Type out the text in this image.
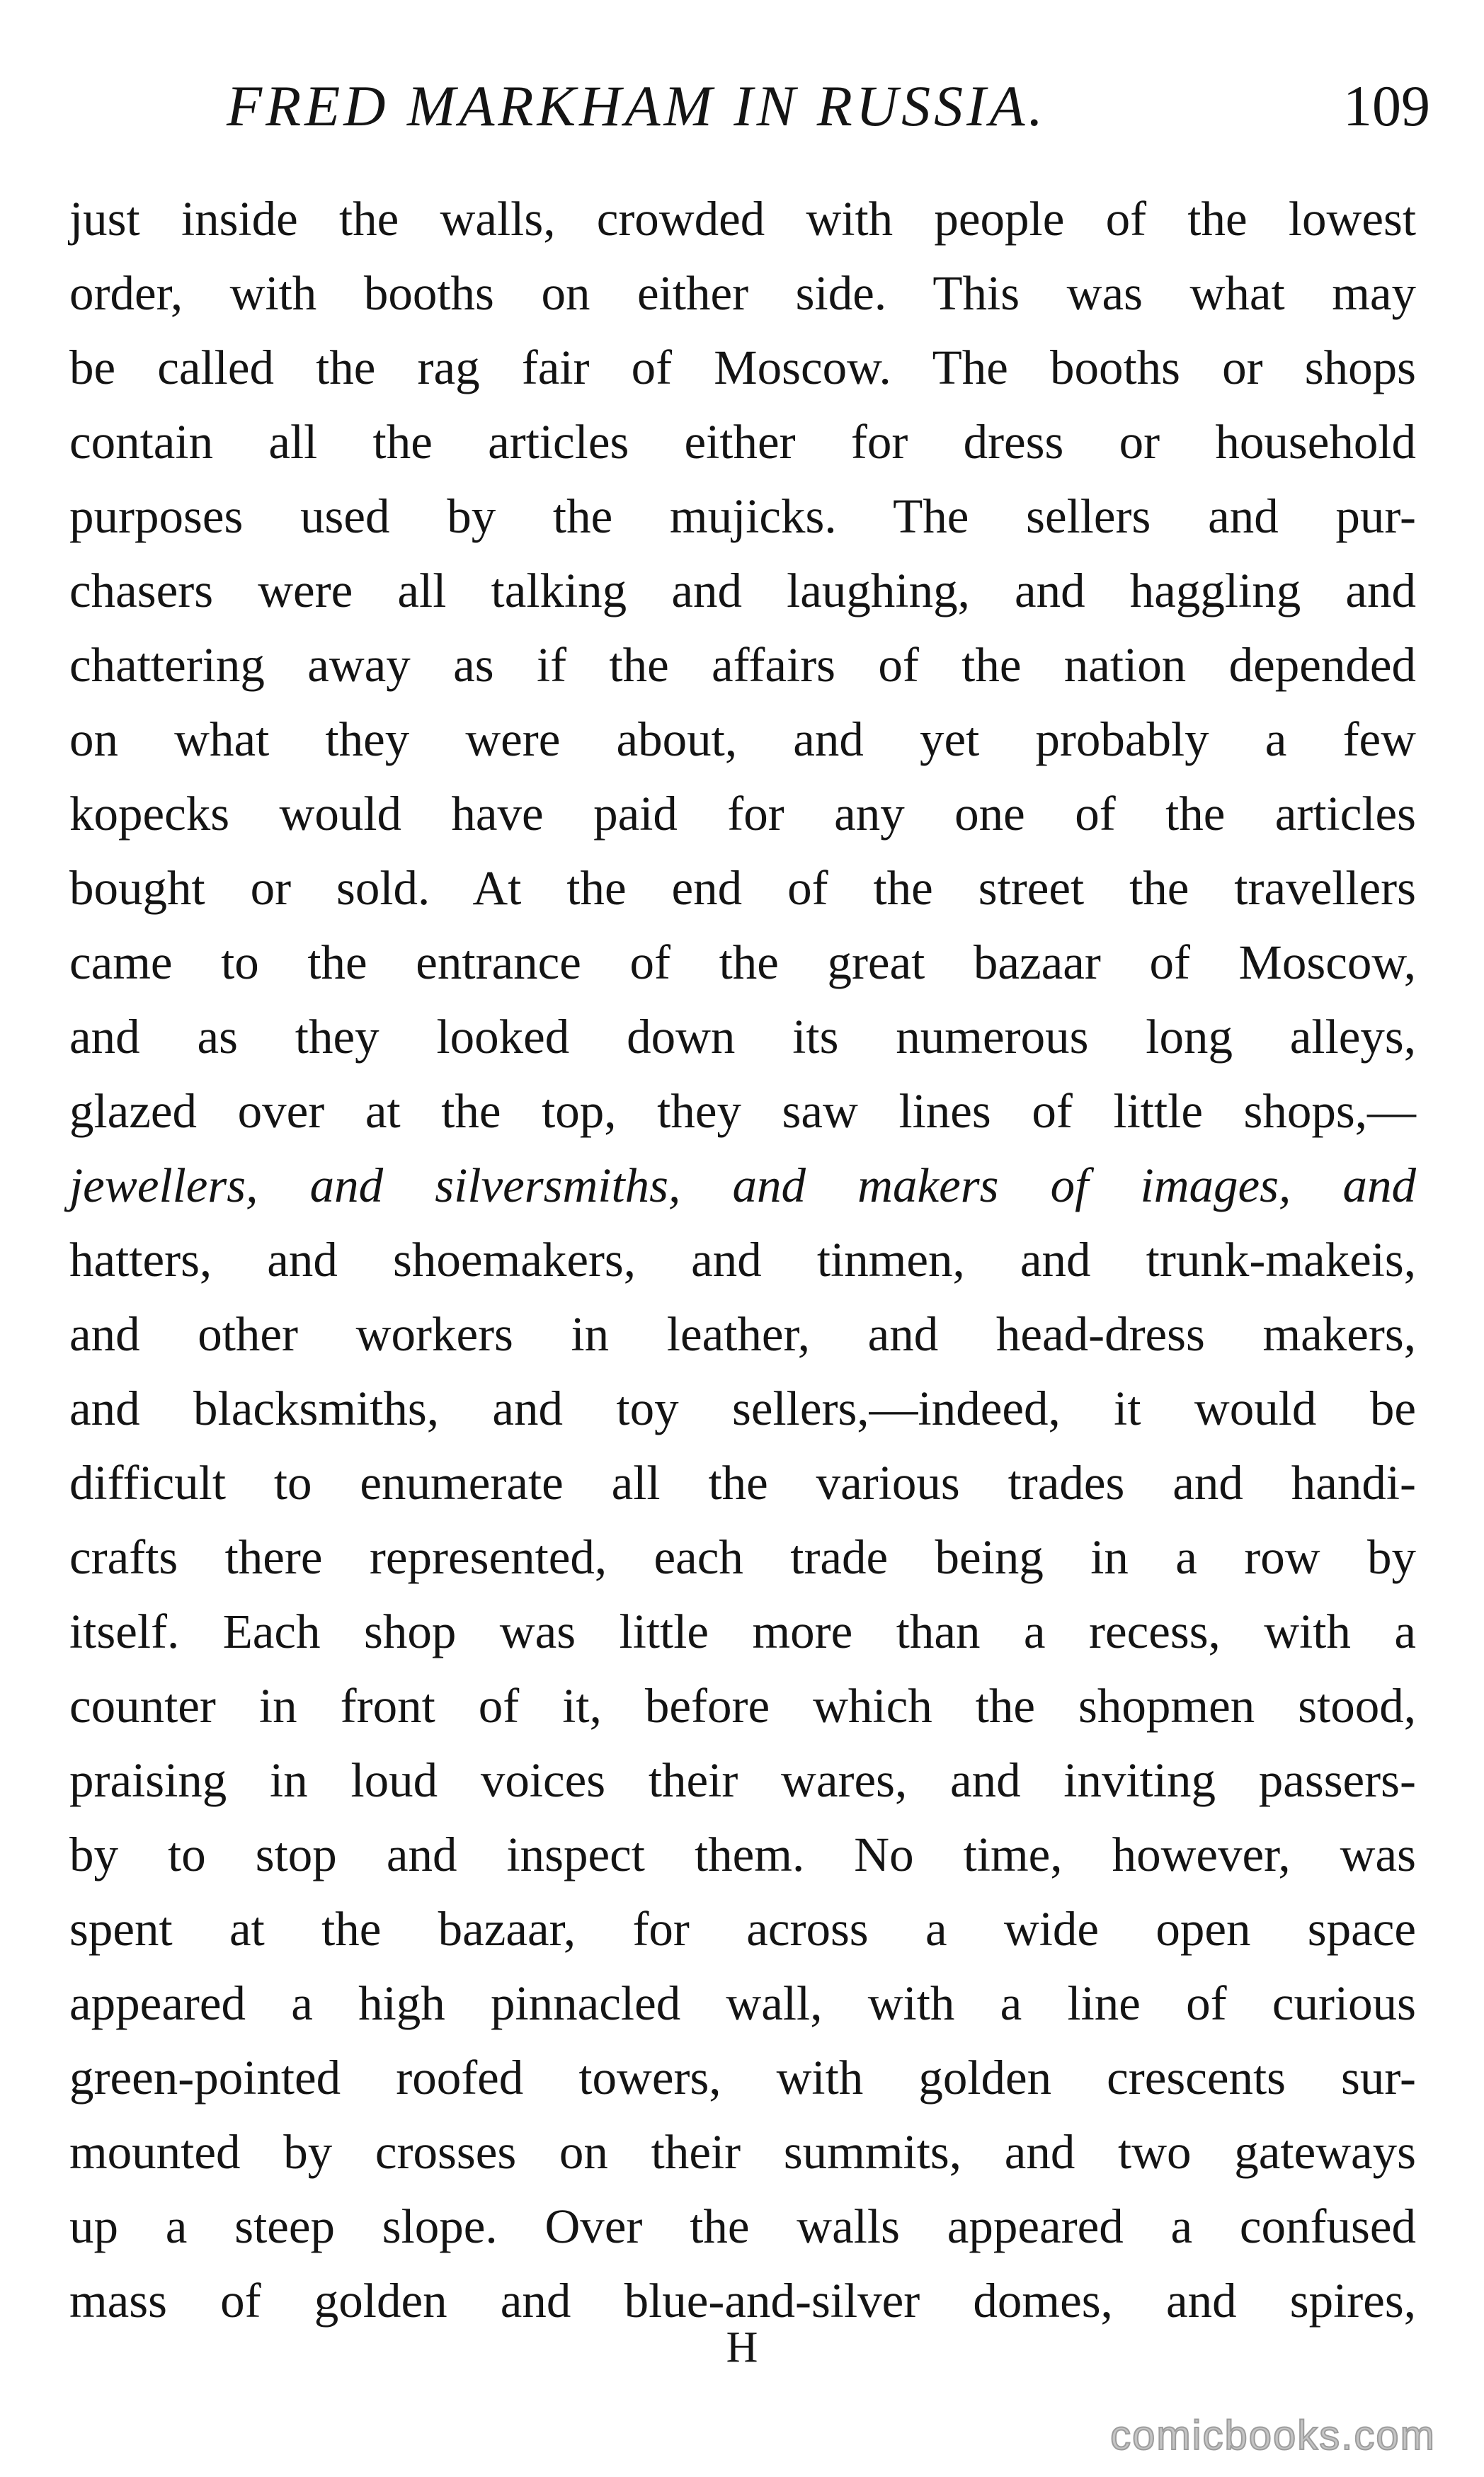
FRED MARKHAM IN RUSSIA.	109
just inside the walls, crowded with people of the lowest
order, with booths on either side. This was what may
be called the rag fair of Moscow. The booths or shops
contain all the articles either for dress or household
purposes used by the mujicks. The sellers and pur-
chasers were all talking and laughing, and haggling and
chattering away as if the affairs of the nation depended
on what they were about, and yet probably a few
kopecks would have paid for any one of the articles
bought or sold. At the end of the street the travellers
came to the entrance of the great bazaar of Moscow,
and as they looked down its numerous long alleys,
glazed over at the top, they saw lines of little shops,—
jewellers, and silversmiths, and makers of images, and
hatters, and shoemakers, and tinmen, and trunk-makeis,
and other workers in leather, and head-dress makers,
and blacksmiths, and toy sellers,—indeed, it would be
difficult to enumerate all the various trades and handi-
crafts there represented, each trade being in a row by
itself. Each shop was little more than a recess, with a
counter in front of it, before which the shopmen stood,
praising in loud voices their wares, and inviting passers-
by to stop and inspect them. No time, however, was
spent at the bazaar, for across a wide open space
appeared a high pinnacled wall, with a line of curious
green-pointed roofed towers, with golden crescents sur-
mounted by crosses on their summits, and two gateways
up a steep slope. Over the walls appeared a confused
mass of golden and blue-and-silver domes, and spires,
H
comicbooks.com
